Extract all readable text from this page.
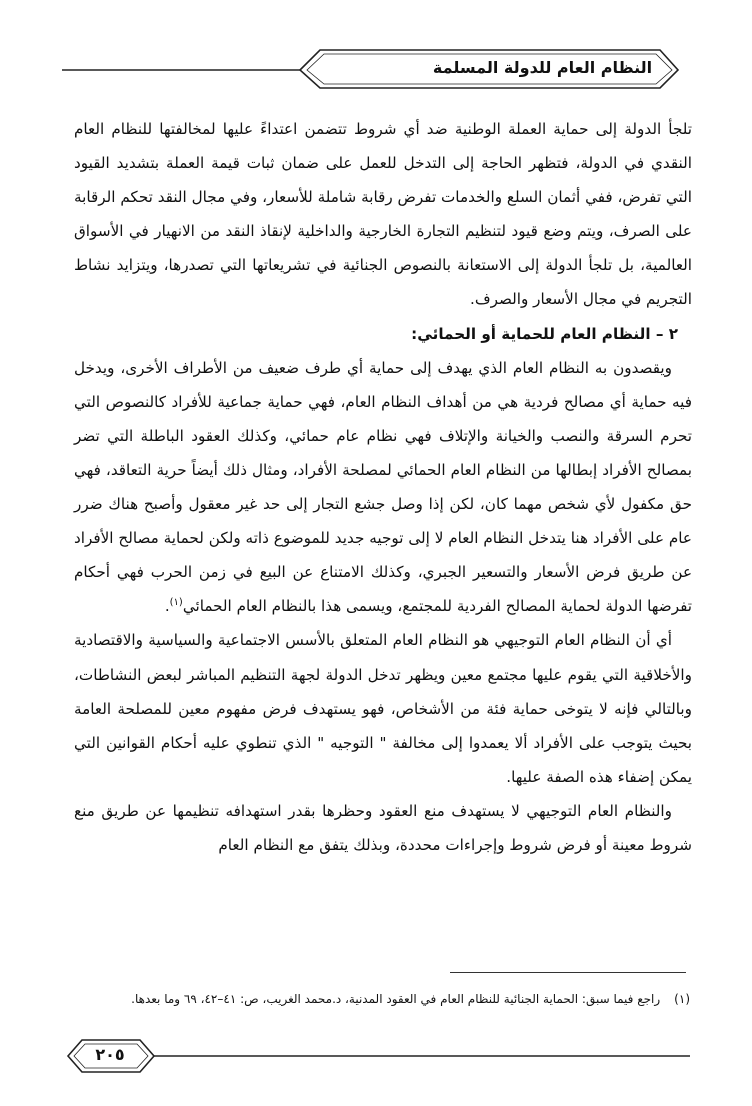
النظام العام للدولة المسلمة

تلجأ الدولة إلى حماية العملة الوطنية ضد أي شروط تتضمن اعتداءً عليها لمخالفتها للنظام العام النقدي في الدولة، فتظهر الحاجة إلى التدخل للعمل على ضمان ثبات قيمة العملة بتشديد القيود التي تفرض، ففي أثمان السلع والخدمات تفرض رقابة شاملة للأسعار، وفي مجال النقد تحكم الرقابة على الصرف، ويتم وضع قيود لتنظيم التجارة الخارجية والداخلية لإنقاذ النقد من الانهيار في الأسواق العالمية، بل تلجأ الدولة إلى الاستعانة بالنصوص الجنائية في تشريعاتها التي تصدرها، ويتزايد نشاط التجريم في مجال الأسعار والصرف.

٢ – النظام العام للحماية أو الحمائي:

ويقصدون به النظام العام الذي يهدف إلى حماية أي طرف ضعيف من الأطراف الأخرى، ويدخل فيه حماية أي مصالح فردية هي من أهداف النظام العام، فهي حماية جماعية للأفراد كالنصوص التي تحرم السرقة والنصب والخيانة والإتلاف فهي نظام عام حمائي، وكذلك العقود الباطلة التي تضر بمصالح الأفراد إبطالها من النظام العام الحمائي لمصلحة الأفراد، ومثال ذلك أيضاً حرية التعاقد، فهي حق مكفول لأي شخص مهما كان، لكن إذا وصل جشع التجار إلى حد غير معقول وأصبح هناك ضرر عام على الأفراد هنا يتدخل النظام العام لا إلى توجيه جديد للموضوع ذاته ولكن لحماية مصالح الأفراد عن طريق فرض الأسعار والتسعير الجبري، وكذلك الامتناع عن البيع في زمن الحرب فهي أحكام تفرضها الدولة لحماية المصالح الفردية للمجتمع، ويسمى هذا بالنظام العام الحمائي$^{(١)}$.

أي أن النظام العام التوجيهي هو النظام العام المتعلق بالأسس الاجتماعية والسياسية والاقتصادية والأخلاقية التي يقوم عليها مجتمع معين ويظهر تدخل الدولة لجهة التنظيم المباشر لبعض النشاطات، وبالتالي فإنه لا يتوخى حماية فئة من الأشخاص، فهو يستهدف فرض مفهوم معين للمصلحة العامة بحيث يتوجب على الأفراد ألا يعمدوا إلى مخالفة " التوجيه " الذي تنطوي عليه أحكام القوانين التي يمكن إضفاء هذه الصفة عليها.

والنظام العام التوجيهي لا يستهدف منع العقود وحظرها بقدر استهدافه تنظيمها عن طريق منع شروط معينة أو فرض شروط وإجراءات محددة، وبذلك يتفق مع النظام العام

(١)راجع فيما سبق: الحماية الجنائية للنظام العام في العقود المدنية، د.محمد الغريب، ص: ٤١–٤٢، ٦٩ وما بعدها.
٢٠٥
